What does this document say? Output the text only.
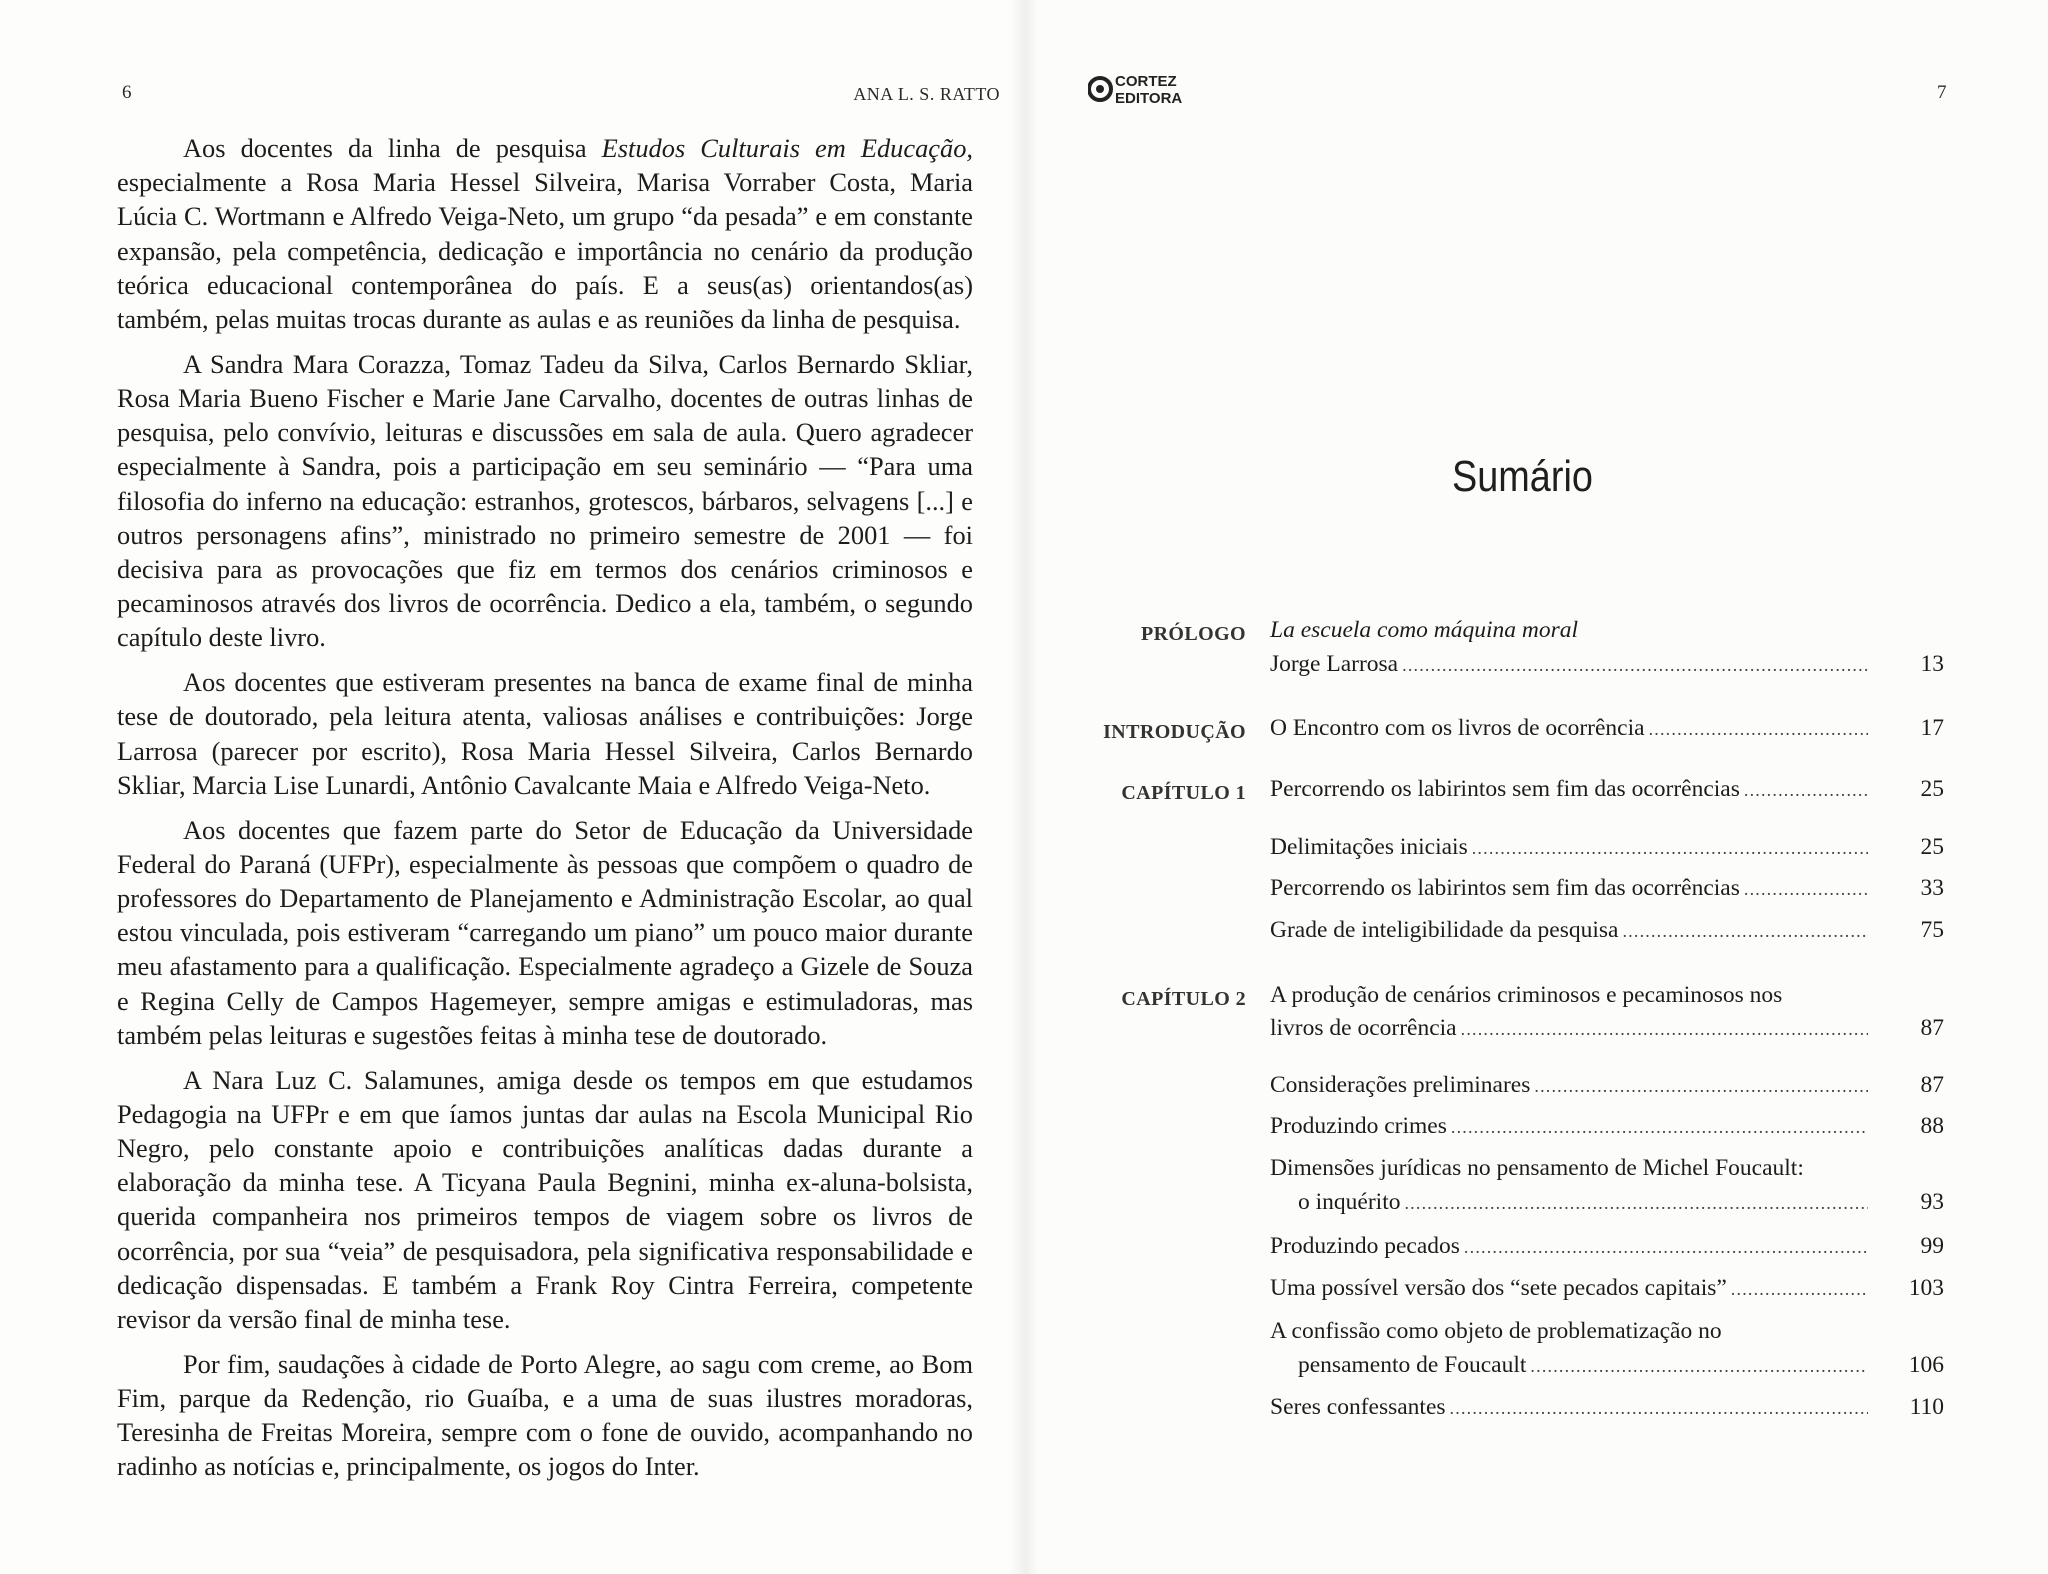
6	ANA L. S. RATTO

Aos docentes da linha de pesquisa Estudos Culturais em Educação, especialmente a Rosa Maria Hessel Silveira, Marisa Vorraber Costa, Maria Lúcia C. Wortmann e Alfredo Veiga-Neto, um grupo “da pesada” e em constante expansão, pela competência, dedicação e importância no cenário da produção teórica educacional contemporânea do país. E a seus(as) orientandos(as) também, pelas muitas trocas durante as aulas e as reuniões da linha de pesquisa.

A Sandra Mara Corazza, Tomaz Tadeu da Silva, Carlos Bernardo Skliar, Rosa Maria Bueno Fischer e Marie Jane Carvalho, docentes de outras linhas de pesquisa, pelo convívio, leituras e discussões em sala de aula. Quero agradecer especialmente à Sandra, pois a participação em seu seminário — “Para uma filosofia do inferno na educação: estranhos, grotescos, bárbaros, selvagens [...] e outros personagens afins”, ministrado no primeiro semestre de 2001 — foi decisiva para as provocações que fiz em termos dos cenários criminosos e pecaminosos através dos livros de ocorrência. Dedico a ela, também, o segundo capítulo deste livro.

Aos docentes que estiveram presentes na banca de exame final de minha tese de doutorado, pela leitura atenta, valiosas análises e contribuições: Jorge Larrosa (parecer por escrito), Rosa Maria Hessel Silveira, Carlos Bernardo Skliar, Marcia Lise Lunardi, Antônio Cavalcante Maia e Alfredo Veiga-Neto.

Aos docentes que fazem parte do Setor de Educação da Universidade Federal do Paraná (UFPr), especialmente às pessoas que compõem o quadro de professores do Departamento de Planejamento e Administração Escolar, ao qual estou vinculada, pois estiveram “carregando um piano” um pouco maior durante meu afastamento para a qualificação. Especialmente agradeço a Gizele de Souza e Regina Celly de Campos Hagemeyer, sempre amigas e estimuladoras, mas também pelas leituras e sugestões feitas à minha tese de doutorado.

A Nara Luz C. Salamunes, amiga desde os tempos em que estudamos Pedagogia na UFPr e em que íamos juntas dar aulas na Escola Municipal Rio Negro, pelo constante apoio e contribuições analíticas dadas durante a elaboração da minha tese. A Ticyana Paula Begnini, minha ex-aluna-bolsista, querida companheira nos primeiros tempos de viagem sobre os livros de ocorrência, por sua “veia” de pesquisadora, pela significativa responsabilidade e dedicação dispensadas. E também a Frank Roy Cintra Ferreira, competente revisor da versão final de minha tese.

Por fim, saudações à cidade de Porto Alegre, ao sagu com creme, ao Bom Fim, parque da Redenção, rio Guaíba, e a uma de suas ilustres moradoras, Teresinha de Freitas Moreira, sempre com o fone de ouvido, acompanhando no radinho as notícias e, principalmente, os jogos do Inter.

CORTEZ
EDITORA	7
Sumário
PRÓLOGO La escuela como máquina moral
Jorge Larrosa .....	13
INTRODUÇÃO O Encontro com os livros de ocorrência .....	17
CAPÍTULO 1 Percorrendo os labirintos sem fim das ocorrências .....	25
Delimitações iniciais .....	25
Percorrendo os labirintos sem fim das ocorrências .....	33
Grade de inteligibilidade da pesquisa .....	75
CAPÍTULO 2 A produção de cenários criminosos e pecaminosos nos
livros de ocorrência .....	87
Considerações preliminares .....	87
Produzindo crimes .....	88
Dimensões jurídicas no pensamento de Michel Foucault:
o inquérito .....	93
Produzindo pecados .....	99
Uma possível versão dos “sete pecados capitais” .....	103
A confissão como objeto de problematização no
pensamento de Foucault .....	106
Seres confessantes .....	110
